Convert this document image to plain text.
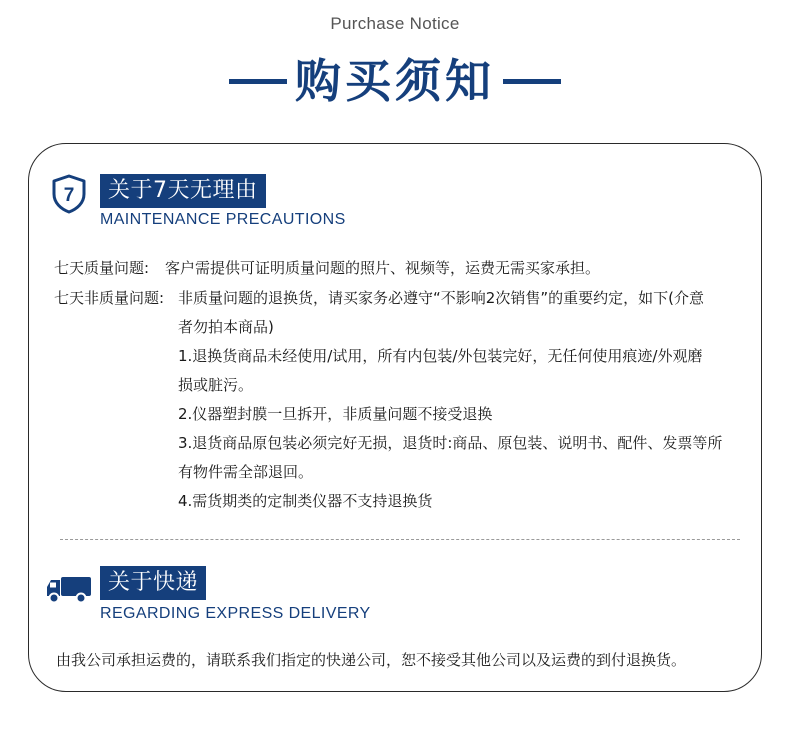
Purchase Notice
购买须知
7	关于7天无理由
MAINTENANCE PRECAUTIONS
七天质量问题: 客户需提供可证明质量问题的照片、视频等，运费无需买家承担。
七天非质量问题: 非质量问题的退换货，请买家务必遵守“不影响2次销售”的重要约定，如下(介意
者勿拍本商品)
1.退换货商品未经使用/试用，所有内包装/外包装完好，无任何使用痕迹/外观磨
损或脏污。
2.仪器塑封膜一旦拆开，非质量问题不接受退换
3.退货商品原包装必须完好无损，退货时:商品、原包装、说明书、配件、发票等所
有物件需全部退回。
4.需货期类的定制类仪器不支持退换货
关于快递
REGARDING EXPRESS DELIVERY
由我公司承担运费的，请联系我们指定的快递公司，恕不接受其他公司以及运费的到付退换货。
